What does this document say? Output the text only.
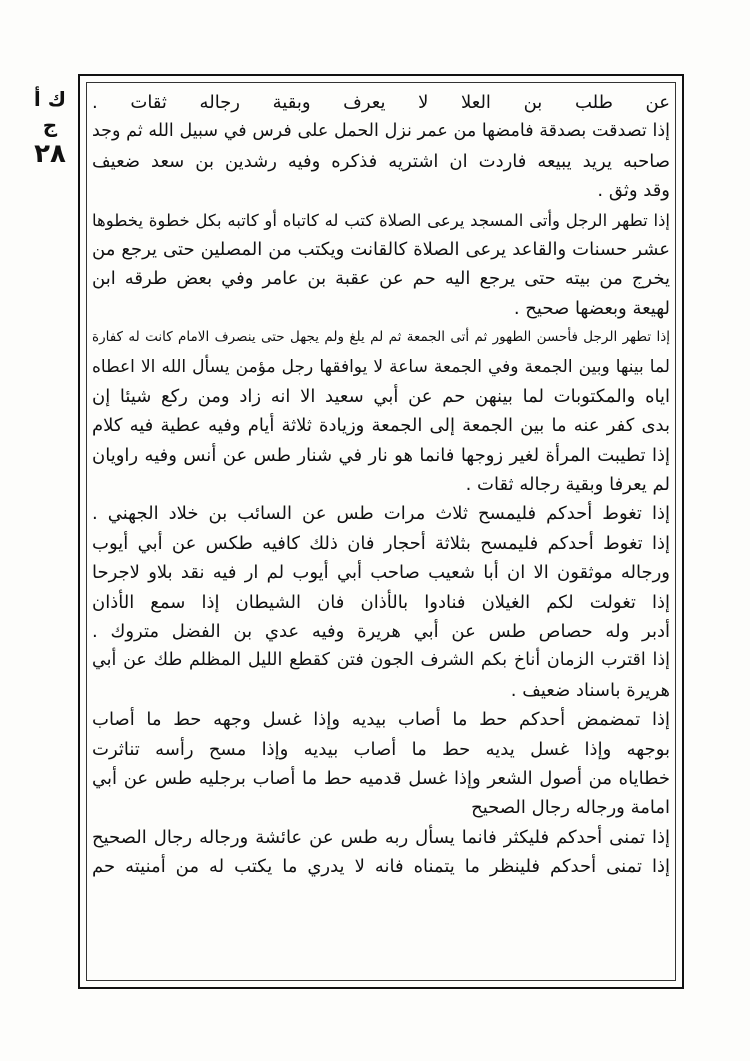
ﻙ ﺃ ﺝ
٢٨
عن طلب بن العلا لا يعرف وبقية رجاله ثقات .
إذا تصدقت بصدقة فامضها من عمر نزل الحمل على فرس في سبيل الله ثم وجد
صاحبه يريد يبيعه فاردت ان اشتريه فذكره وفيه رشدين بن سعد ضعيف
وقد وثق .
إذا تطهر الرجل وأتى المسجد يرعى الصلاة كتب له كاتباه أو كاتبه بكل خطوة يخطوها
عشر حسنات والقاعد يرعى الصلاة كالقانت ويكتب من المصلين حتى يرجع من
يخرج من بيته حتى يرجع اليه حم عن عقبة بن عامر وفي بعض طرقه ابن
لهيعة وبعضها صحيح .
إذا تطهر الرجل فأحسن الطهور ثم أتى الجمعة ثم لم يلغ ولم يجهل حتى ينصرف الامام كانت له كفارة
لما بينها وبين الجمعة وفي الجمعة ساعة لا يوافقها رجل مؤمن يسأل الله الا اعطاه
اياه والمكتوبات لما بينهن حم عن أبي سعيد الا انه زاد ومن ركع شيئا إن
بدى كفر عنه ما بين الجمعة إلى الجمعة وزيادة ثلاثة أيام وفيه عطية فيه كلام
إذا تطيبت المرأة لغير زوجها فانما هو نار في شنار طس عن أنس وفيه راويان
لم يعرفا وبقية رجاله ثقات .
إذا تغوط أحدكم فليمسح ثلاث مرات طس عن السائب بن خلاد الجهني .
إذا تغوط أحدكم فليمسح بثلاثة أحجار فان ذلك كافيه طكس عن أبي أيوب
ورجاله موثقون الا ان أبا شعيب صاحب أبي أيوب لم ار فيه نقد بلاو لاجرحا
إذا تغولت لكم الغيلان فنادوا بالأذان فان الشيطان إذا سمع الأذان
أدبر وله حصاص طس عن أبي هريرة وفيه عدي بن الفضل متروك .
إذا اقترب الزمان أناخ بكم الشرف الجون فتن كقطع الليل المظلم طك عن أبي
هريرة باسناد ضعيف .
إذا تمضمض أحدكم حط ما أصاب بيديه وإذا غسل وجهه حط ما أصاب
بوجهه وإذا غسل يديه حط ما أصاب بيديه وإذا مسح رأسه تناثرت
خطاياه من أصول الشعر وإذا غسل قدميه حط ما أصاب برجليه طس عن أبي
امامة ورجاله رجال الصحيح
إذا تمنى أحدكم فليكثر فانما يسأل ربه طس عن عائشة ورجاله رجال الصحيح
إذا تمنى أحدكم فلينظر ما يتمناه فانه لا يدري ما يكتب له من أمنيته حم
